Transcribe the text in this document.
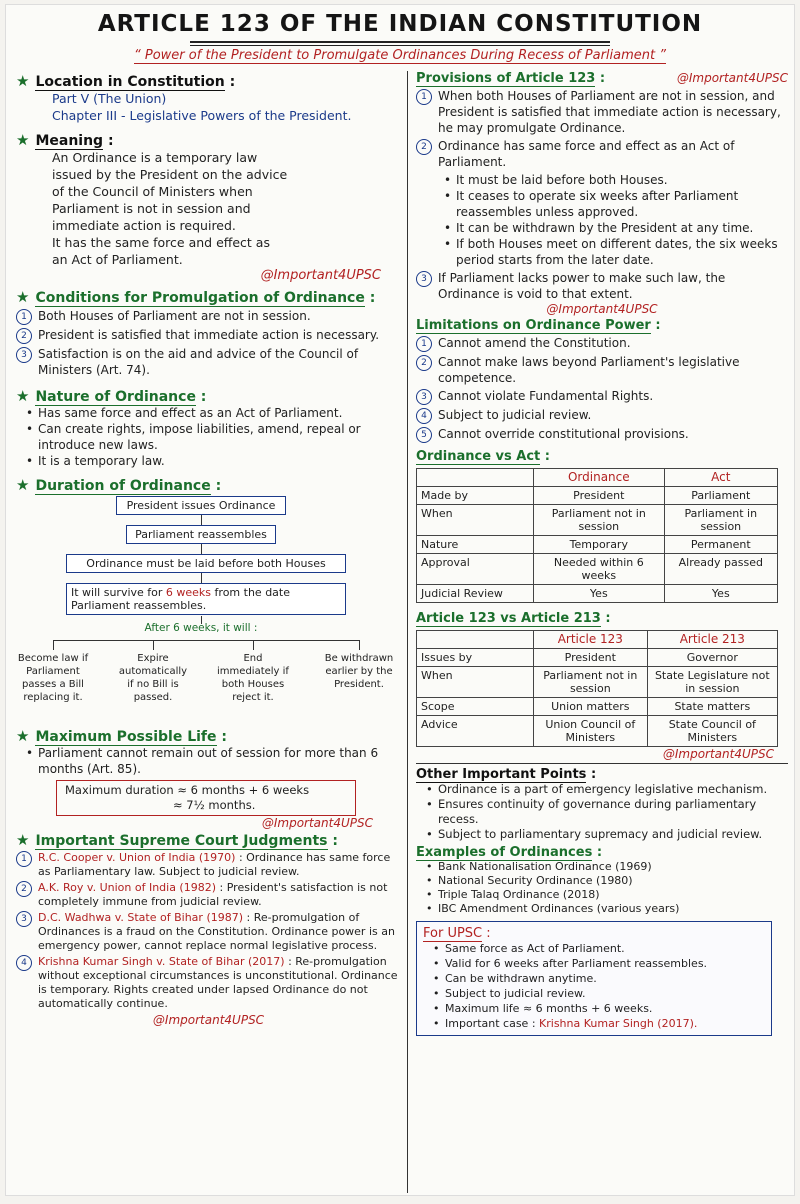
ARTICLE 123 OF THE INDIAN CONSTITUTION
“ Power of the President to Promulgate Ordinances During Recess of Parliament ”
★ Location in Constitution :
Part V (The Union)
Chapter III - Legislative Powers of the President.
★ Meaning :
An Ordinance is a temporary law
issued by the President on the advice
of the Council of Ministers when
Parliament is not in session and
immediate action is required.
It has the same force and effect as
an Act of Parliament.
@Important4UPSC
★ Conditions for Promulgation of Ordinance :
1 Both Houses of Parliament are not in session.
2 President is satisfied that immediate action is necessary.
3 Satisfaction is on the aid and advice of the Council of Ministers (Art. 74).
★ Nature of Ordinance :
• Has same force and effect as an Act of Parliament.
• Can create rights, impose liabilities, amend, repeal or introduce new laws.
• It is a temporary law.
★ Duration of Ordinance :
President issues Ordinance
Parliament reassembles
Ordinance must be laid before both Houses
It will survive for 6 weeks from the date Parliament reassembles.
After 6 weeks, it will :
Become law if Parliament passes a Bill replacing it.
Expire automatically if no Bill is passed.
End immediately if both Houses reject it.
Be withdrawn earlier by the President.
★ Maximum Possible Life :
• Parliament cannot remain out of session for more than 6 months (Art. 85).
Maximum duration ≈ 6 months + 6 weeks
≈ 7½ months.
@Important4UPSC
★ Important Supreme Court Judgments :
1	R.C. Cooper v. Union of India (1970) : Ordinance has same force as Parliamentary law. Subject to judicial review.
2	A.K. Roy v. Union of India (1982) : President's satisfaction is not completely immune from judicial review.
3	D.C. Wadhwa v. State of Bihar (1987) : Re-promulgation of Ordinances is a fraud on the Constitution. Ordinance power is an emergency power, cannot replace normal legislative process.
4	Krishna Kumar Singh v. State of Bihar (2017) : Re-promulgation without exceptional circumstances is unconstitutional. Ordinance is temporary. Rights created under lapsed Ordinance do not automatically continue.
@Important4UPSC
Provisions of Article 123 :	@Important4UPSC
1 When both Houses of Parliament are not in session, and President is satisfied that immediate action is necessary, he may promulgate Ordinance.
2 Ordinance has same force and effect as an Act of Parliament.
• It must be laid before both Houses.
• It ceases to operate six weeks after Parliament reassembles unless approved.
• It can be withdrawn by the President at any time.
• If both Houses meet on different dates, the six weeks period starts from the later date.
3 If Parliament lacks power to make such law, the Ordinance is void to that extent.
@Important4UPSC
Limitations on Ordinance Power :
1 Cannot amend the Constitution.
2 Cannot make laws beyond Parliament's legislative competence.
3 Cannot violate Fundamental Rights.
4 Subject to judicial review.
5 Cannot override constitutional provisions.
Ordinance vs Act :
	Ordinance	Act
Made by	President	Parliament
When	Parliament not in session	Parliament in session
Nature	Temporary	Permanent
Approval	Needed within 6 weeks	Already passed
Judicial Review	Yes	Yes
Article 123 vs Article 213 :
	Article 123	Article 213
Issues by	President	Governor
When	Parliament not in session	State Legislature not in session
Scope	Union matters	State matters
Advice	Union Council of Ministers	State Council of Ministers
@Important4UPSC
Other Important Points :
• Ordinance is a part of emergency legislative mechanism.
• Ensures continuity of governance during parliamentary recess.
• Subject to parliamentary supremacy and judicial review.
Examples of Ordinances :
• Bank Nationalisation Ordinance (1969)
• National Security Ordinance (1980)
• Triple Talaq Ordinance (2018)
• IBC Amendment Ordinances (various years)
For UPSC :
• Same force as Act of Parliament.
• Valid for 6 weeks after Parliament reassembles.
• Can be withdrawn anytime.
• Subject to judicial review.
• Maximum life ≈ 6 months + 6 weeks.
• Important case : Krishna Kumar Singh (2017).
